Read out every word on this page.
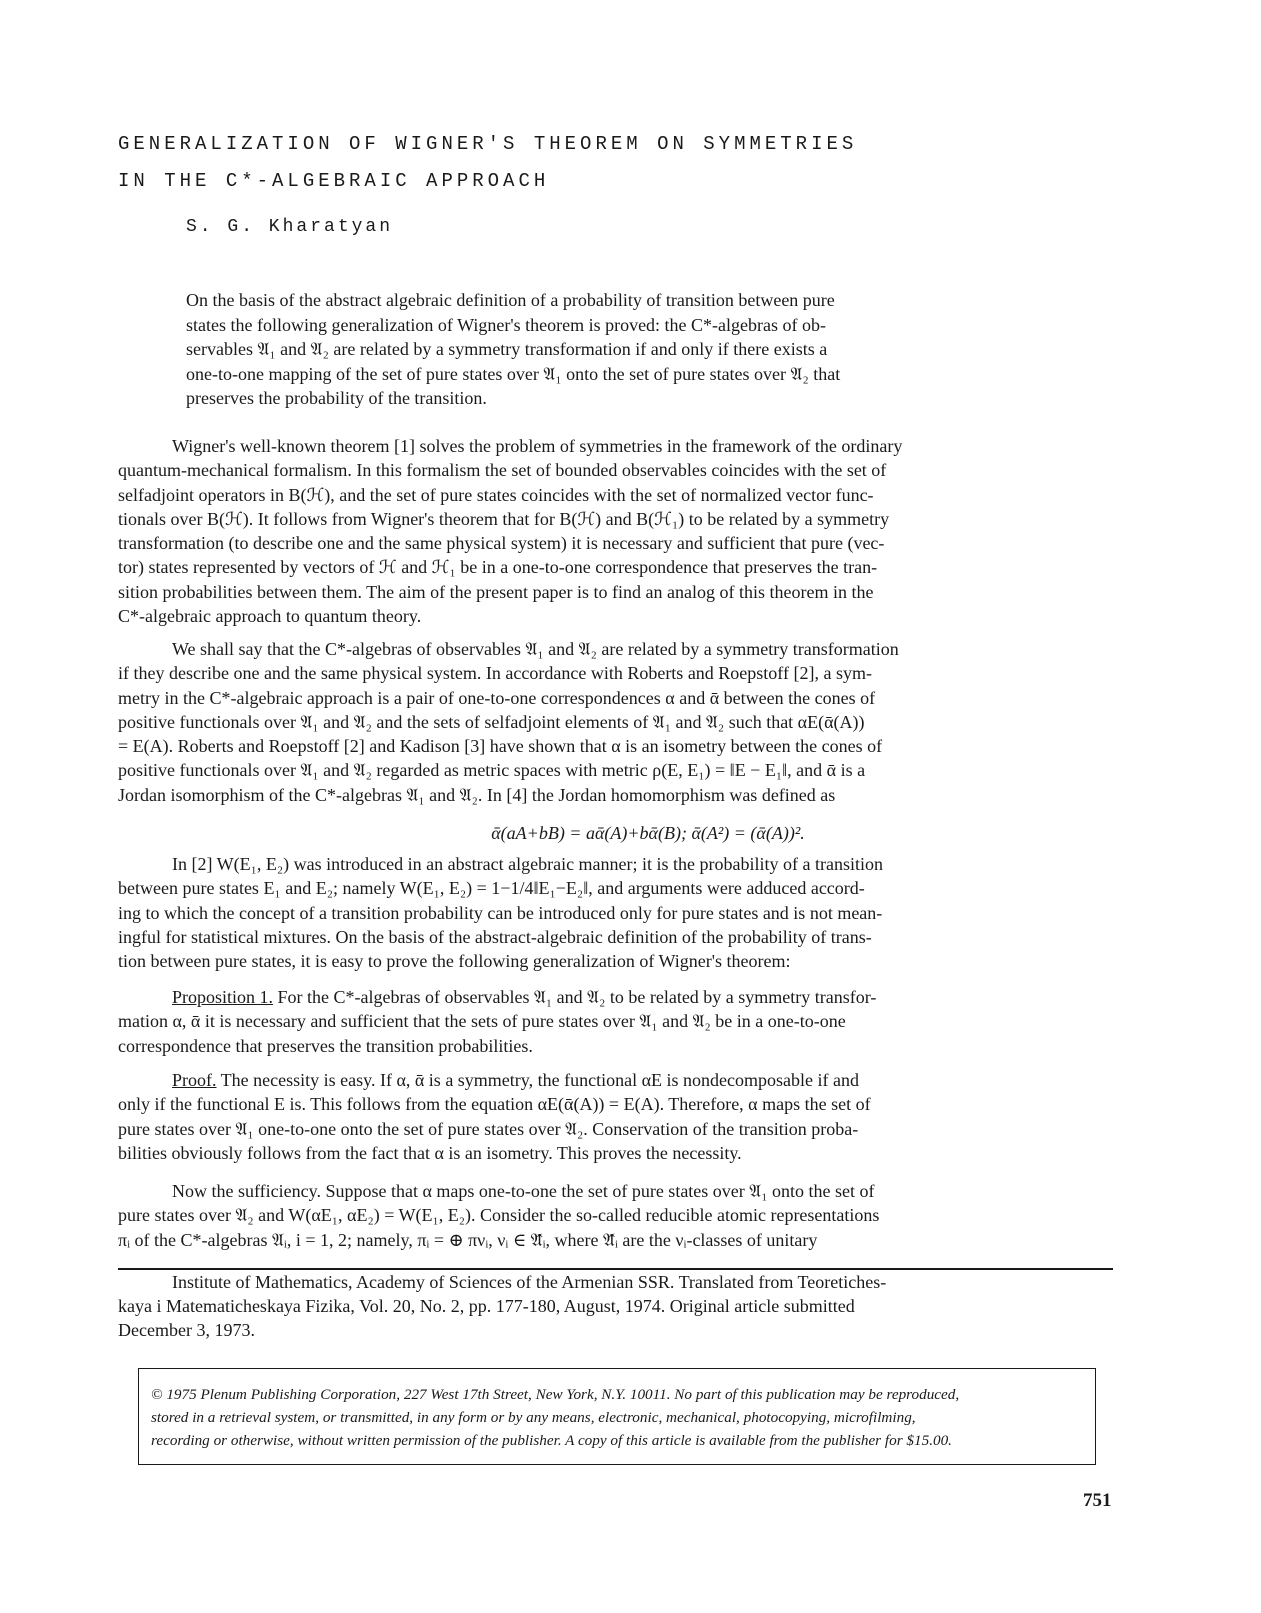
GENERALIZATION OF WIGNER'S THEOREM ON SYMMETRIES
IN THE C*-ALGEBRAIC APPROACH

S. G. Kharatyan

On the basis of the abstract algebraic definition of a probability of transition between pure
states the following generalization of Wigner's theorem is proved: the C*-algebras of ob-
servables 𝔄₁ and 𝔄₂ are related by a symmetry transformation if and only if there exists a
one-to-one mapping of the set of pure states over 𝔄₁ onto the set of pure states over 𝔄₂ that
preserves the probability of the transition.
Wigner's well-known theorem [1] solves the problem of symmetries in the framework of the ordinary
quantum-mechanical formalism. In this formalism the set of bounded observables coincides with the set of
selfadjoint operators in B(ℋ), and the set of pure states coincides with the set of normalized vector func-
tionals over B(ℋ). It follows from Wigner's theorem that for B(ℋ) and B(ℋ₁) to be related by a symmetry
transformation (to describe one and the same physical system) it is necessary and sufficient that pure (vec-
tor) states represented by vectors of ℋ and ℋ₁ be in a one-to-one correspondence that preserves the tran-
sition probabilities between them. The aim of the present paper is to find an analog of this theorem in the
C*-algebraic approach to quantum theory.
We shall say that the C*-algebras of observables 𝔄₁ and 𝔄₂ are related by a symmetry transformation
if they describe one and the same physical system. In accordance with Roberts and Roepstoff [2], a sym-
metry in the C*-algebraic approach is a pair of one-to-one correspondences α and ᾱ between the cones of
positive functionals over 𝔄₁ and 𝔄₂ and the sets of selfadjoint elements of 𝔄₁ and 𝔄₂ such that αE(ᾱ(A))
= E(A). Roberts and Roepstoff [2] and Kadison [3] have shown that α is an isometry between the cones of
positive functionals over 𝔄₁ and 𝔄₂ regarded as metric spaces with metric ρ(E, E₁) = ‖E − E₁‖, and ᾱ is a
Jordan isomorphism of the C*-algebras 𝔄₁ and 𝔄₂. In [4] the Jordan homomorphism was defined as
ᾱ(aA+bB) = aᾱ(A)+bᾱ(B); ᾱ(A²) = (ᾱ(A))².
In [2] W(E₁, E₂) was introduced in an abstract algebraic manner; it is the probability of a transition
between pure states E₁ and E₂; namely W(E₁, E₂) = 1−1/4‖E₁−E₂‖, and arguments were adduced accord-
ing to which the concept of a transition probability can be introduced only for pure states and is not mean-
ingful for statistical mixtures. On the basis of the abstract-algebraic definition of the probability of trans-
tion between pure states, it is easy to prove the following generalization of Wigner's theorem:
Proposition 1. For the C*-algebras of observables 𝔄₁ and 𝔄₂ to be related by a symmetry transfor-
mation α, ᾱ it is necessary and sufficient that the sets of pure states over 𝔄₁ and 𝔄₂ be in a one-to-one
correspondence that preserves the transition probabilities.
Proof. The necessity is easy. If α, ᾱ is a symmetry, the functional αE is nondecomposable if and
only if the functional E is. This follows from the equation αE(ᾱ(A)) = E(A). Therefore, α maps the set of
pure states over 𝔄₁ one-to-one onto the set of pure states over 𝔄₂. Conservation of the transition proba-
bilities obviously follows from the fact that α is an isometry. This proves the necessity.
Now the sufficiency. Suppose that α maps one-to-one the set of pure states over 𝔄₁ onto the set of
pure states over 𝔄₂ and W(αE₁, αE₂) = W(E₁, E₂). Consider the so-called reducible atomic representations
πᵢ of the C*-algebras 𝔄ᵢ, i = 1, 2; namely, πᵢ = ⊕ πνᵢ, νᵢ ∈ 𝔄̂ᵢ, where 𝔄̂ᵢ are the νᵢ-classes of unitary
Institute of Mathematics, Academy of Sciences of the Armenian SSR. Translated from Teoretiches-
kaya i Matematicheskaya Fizika, Vol. 20, No. 2, pp. 177-180, August, 1974. Original article submitted
December 3, 1973.
© 1975 Plenum Publishing Corporation, 227 West 17th Street, New York, N.Y. 10011. No part of this publication may be reproduced,
stored in a retrieval system, or transmitted, in any form or by any means, electronic, mechanical, photocopying, microfilming,
recording or otherwise, without written permission of the publisher. A copy of this article is available from the publisher for $15.00.

751
